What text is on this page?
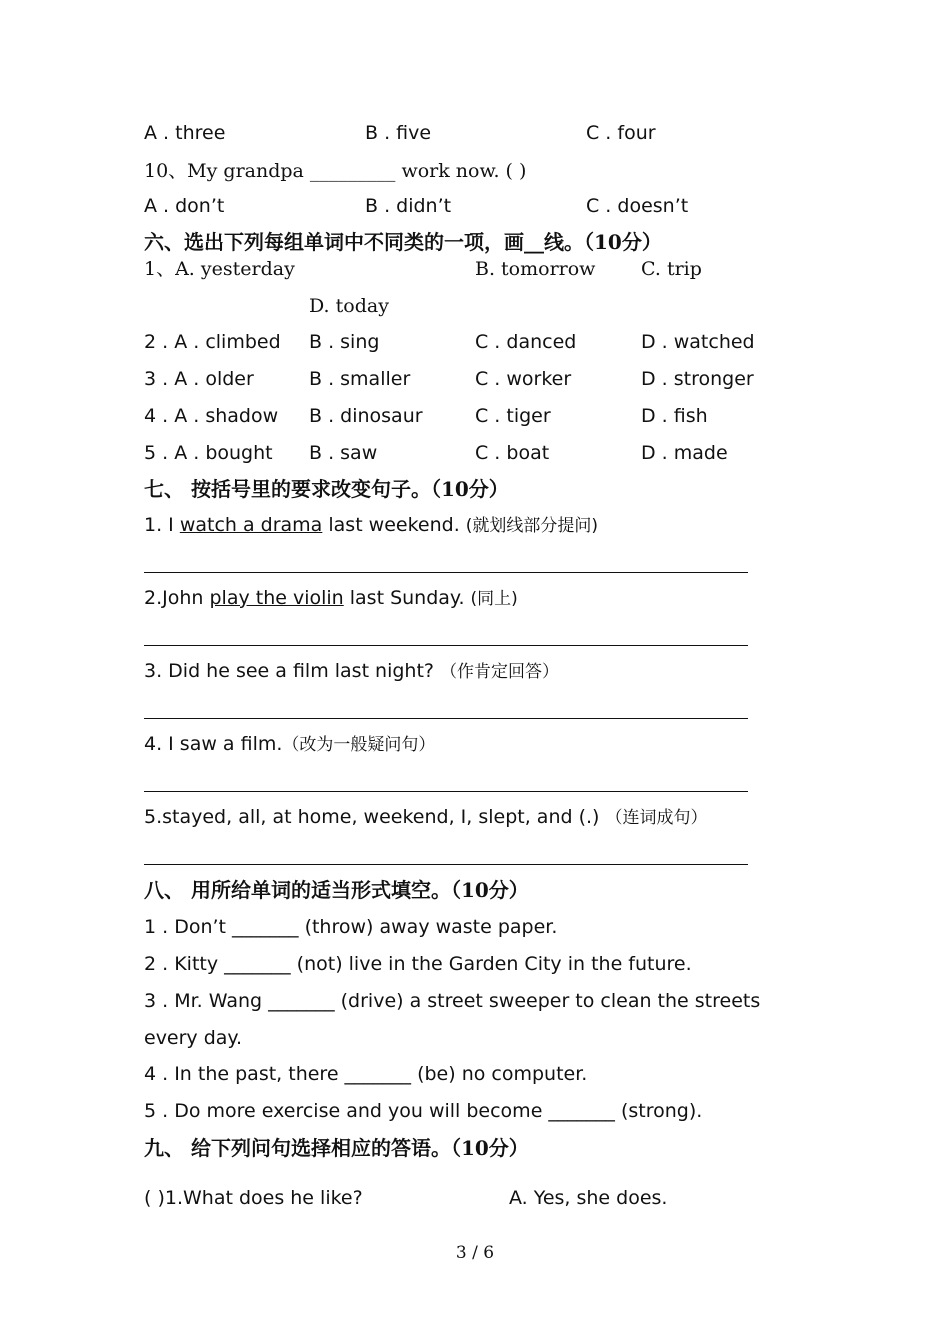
A . three	B . five	C . four
10、My grandpa _________ work now. ( )
A . don’t	B . didn’t	C . doesn’t
六、选出下列每组单词中不同类的一项，画__线。（10分）
1、A. yesterday	B. tomorrow C. trip
D. today
2 . A . climbed B . sing	C . danced	D . watched
3 . A . older	B . smaller	C . worker	D . stronger
4 . A . shadow B . dinosaur	C . tiger	D . fish
5 . A . bought B . saw	C . boat	D . made
七、 按括号里的要求改变句子。（10分）
1. I watch a drama last weekend. (就划线部分提问)
2.John play the violin last Sunday. (同上)
3. Did he see a film last night? （作肯定回答）
4. I saw a film.（改为一般疑问句）
5.stayed, all, at home, weekend, I, slept, and (.) （连词成句）
八、 用所给单词的适当形式填空。（10分）
1 . Don’t _______ (throw) away waste paper.
2 . Kitty _______ (not) live in the Garden City in the future.
3 . Mr. Wang _______ (drive) a street sweeper to clean the streets
every day.
4 . In the past, there _______ (be) no computer.
5 . Do more exercise and you will become _______ (strong).
九、 给下列问句选择相应的答语。（10分）
( )1.What does he like?	A. Yes, she does.
3 / 6
